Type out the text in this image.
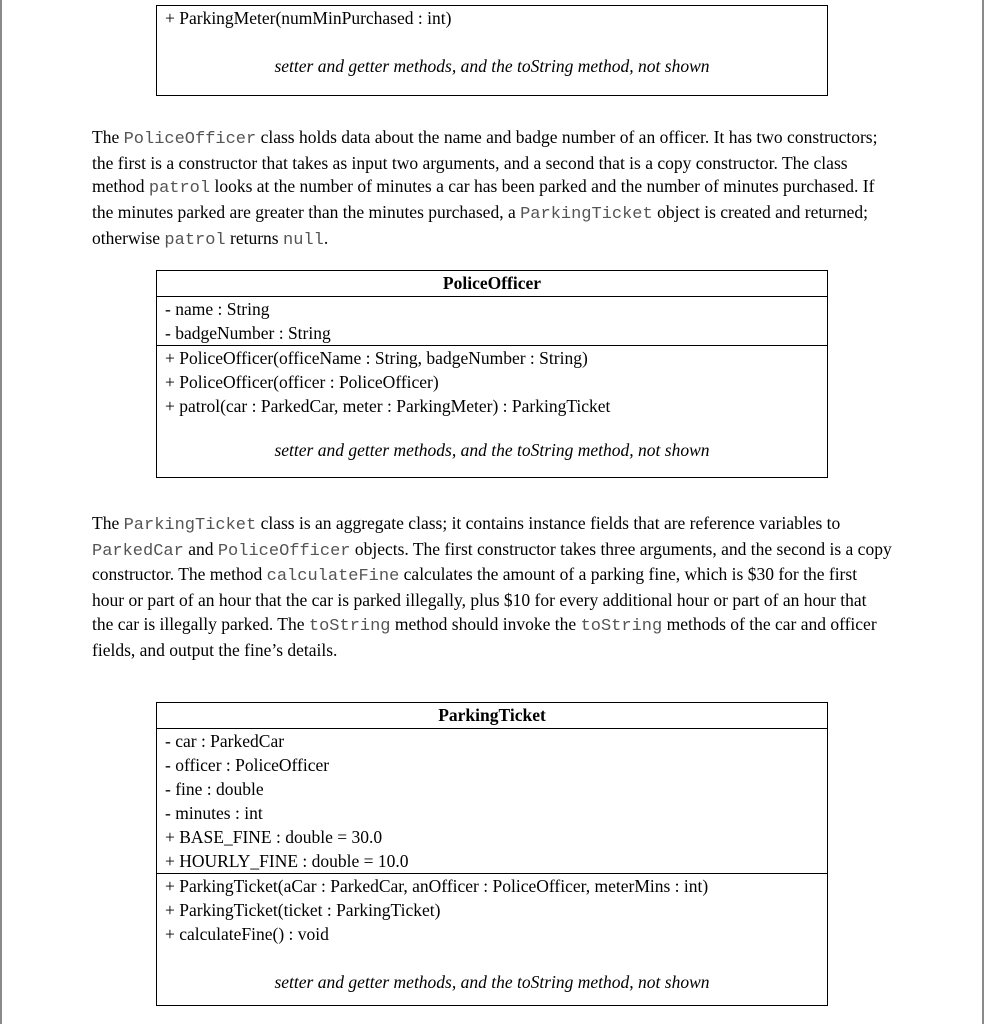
+ ParkingMeter(numMinPurchased : int)
setter and getter methods, and the toString method, not shown

The PoliceOfficer class holds data about the name and badge number of an officer. It has two constructors; the first is a constructor that takes as input two arguments, and a second that is a copy constructor. The class method patrol looks at the number of minutes a car has been parked and the number of minutes purchased. If the minutes parked are greater than the minutes purchased, a ParkingTicket object is created and returned; otherwise patrol returns null.

PoliceOfficer
- name : String
- badgeNumber : String
+ PoliceOfficer(officeName : String, badgeNumber : String)
+ PoliceOfficer(officer : PoliceOfficer)
+ patrol(car : ParkedCar, meter : ParkingMeter) : ParkingTicket
setter and getter methods, and the toString method, not shown

The ParkingTicket class is an aggregate class; it contains instance fields that are reference variables to ParkedCar and PoliceOfficer objects. The first constructor takes three arguments, and the second is a copy constructor. The method calculateFine calculates the amount of a parking fine, which is $30 for the first hour or part of an hour that the car is parked illegally, plus $10 for every additional hour or part of an hour that the car is illegally parked. The toString method should invoke the toString methods of the car and officer fields, and output the fine’s details.

ParkingTicket
- car : ParkedCar
- officer : PoliceOfficer
- fine : double
- minutes : int
+ BASE_FINE : double = 30.0
+ HOURLY_FINE : double = 10.0
+ ParkingTicket(aCar : ParkedCar, anOfficer : PoliceOfficer, meterMins : int)
+ ParkingTicket(ticket : ParkingTicket)
+ calculateFine() : void
setter and getter methods, and the toString method, not shown
